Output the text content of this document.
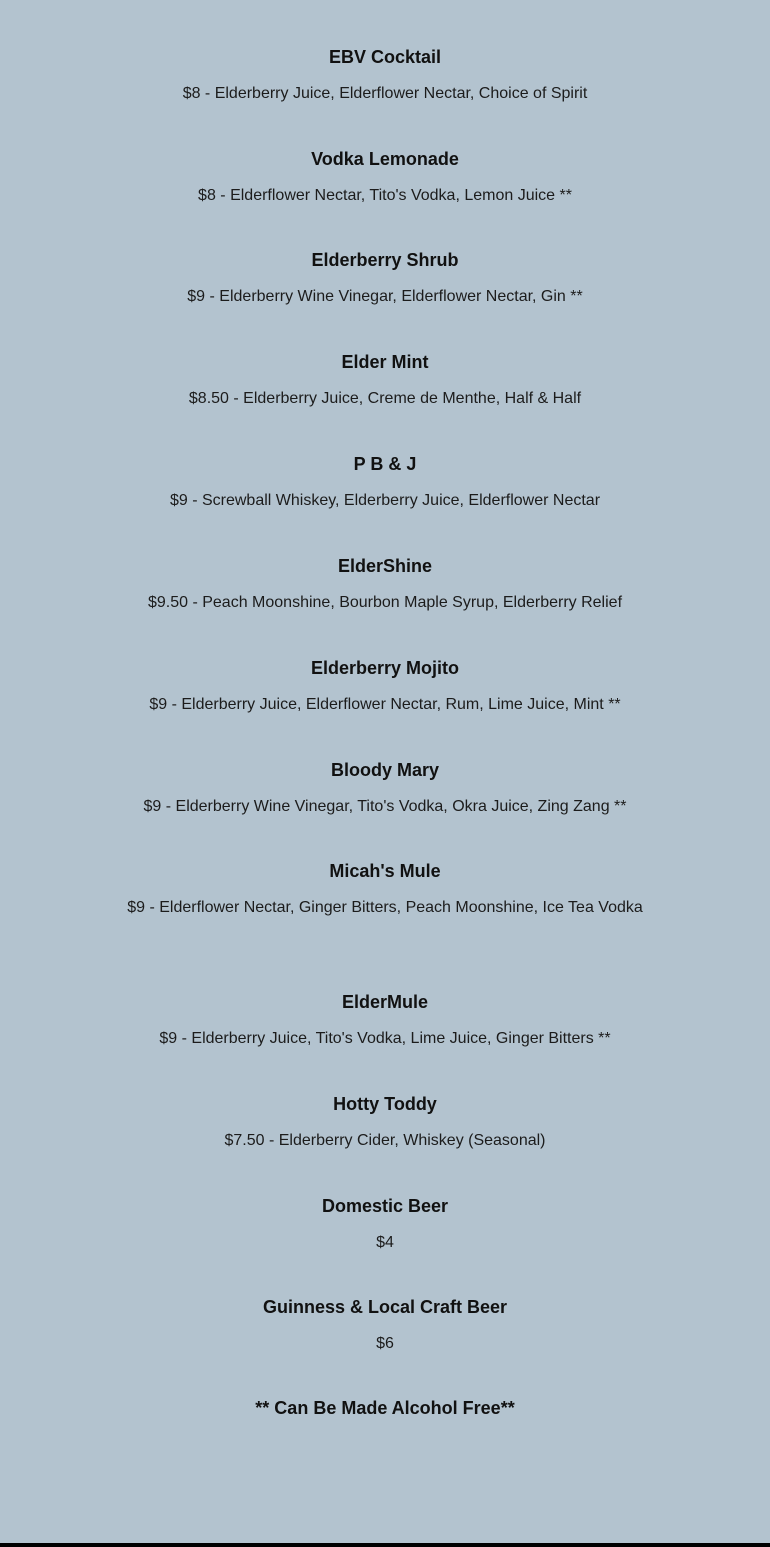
EBV Cocktail
$8 - Elderberry Juice, Elderflower Nectar, Choice of Spirit
Vodka Lemonade
$8 - Elderflower Nectar, Tito's Vodka, Lemon Juice **
Elderberry Shrub
$9 - Elderberry Wine Vinegar, Elderflower Nectar, Gin **
Elder Mint
$8.50 - Elderberry Juice, Creme de Menthe, Half & Half
P B & J
$9 - Screwball Whiskey, Elderberry Juice, Elderflower Nectar
ElderShine
$9.50 - Peach Moonshine, Bourbon Maple Syrup, Elderberry Relief
Elderberry Mojito
$9 - Elderberry Juice, Elderflower Nectar, Rum, Lime Juice, Mint **
Bloody Mary
$9 - Elderberry Wine Vinegar, Tito's Vodka, Okra Juice, Zing Zang **
Micah's Mule
$9 - Elderflower Nectar, Ginger Bitters, Peach Moonshine, Ice Tea Vodka
ElderMule
$9 - Elderberry Juice, Tito's Vodka, Lime Juice, Ginger Bitters **
Hotty Toddy
$7.50 - Elderberry Cider, Whiskey (Seasonal)
Domestic Beer
$4
Guinness & Local Craft Beer
$6
** Can Be Made Alcohol Free**
